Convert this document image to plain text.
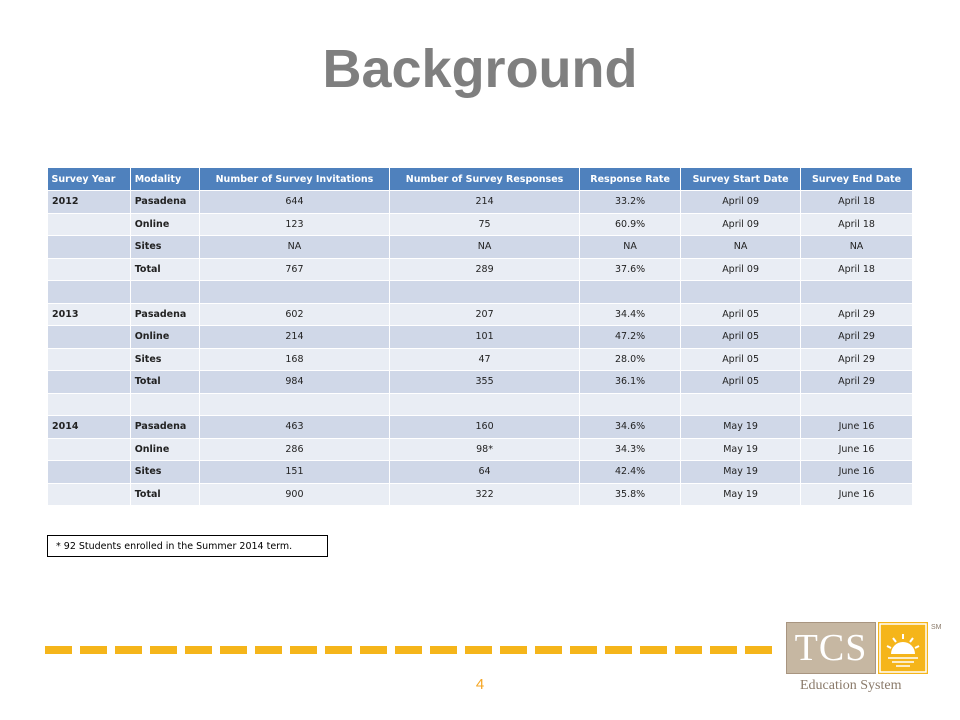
Background
Survey Year	Modality	Number of Survey Invitations	Number of Survey Responses	Response Rate	Survey Start Date	Survey End Date
2012	Pasadena	644	214	33.2%	April 09	April 18
	Online	123	75	60.9%	April 09	April 18
	Sites	NA	NA	NA	NA	NA
	Total	767	289	37.6%	April 09	April 18

2013	Pasadena	602	207	34.4%	April 05	April 29
	Online	214	101	47.2%	April 05	April 29
	Sites	168	47	28.0%	April 05	April 29
	Total	984	355	36.1%	April 05	April 29

2014	Pasadena	463	160	34.6%	May 19	June 16
	Online	286	98*	34.3%	May 19	June 16
	Sites	151	64	42.4%	May 19	June 16
	Total	900	322	35.8%	May 19	June 16
* 92 Students enrolled in the Summer 2014 term.
4
TCS	SM
Education System
